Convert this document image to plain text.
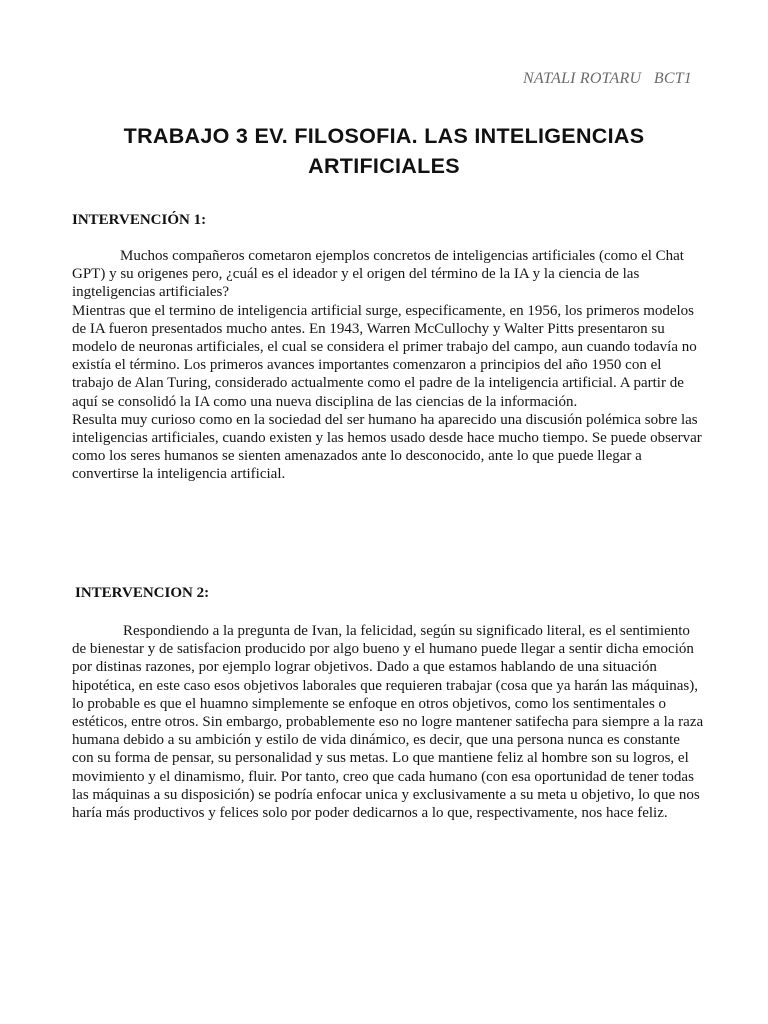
NATALI ROTARU   BCT1
TRABAJO 3 EV. FILOSOFIA. LAS INTELIGENCIAS
ARTIFICIALES
INTERVENCIÓN 1:

Muchos compañeros cometaron ejemplos concretos de inteligencias artificiales (como el Chat GPT) y su origenes pero, ¿cuál es el ideador y el origen del término de la IA y la ciencia de las ingteligencias artificiales?

Mientras que el termino de inteligencia artificial surge, especificamente, en 1956, los primeros modelos de IA fueron presentados mucho antes. En 1943, Warren McCullochy y Walter Pitts presentaron su modelo de neuronas artificiales, el cual se considera el primer trabajo del campo, aun cuando todavía no existía el término. Los primeros avances importantes comenzaron a principios del año 1950 con el trabajo de Alan Turing, considerado actualmente como el padre de la inteligencia artificial. A partir de aquí se consolidó la IA como una nueva disciplina de las ciencias de la información.

Resulta muy curioso como en la sociedad del ser humano ha aparecido una discusión polémica sobre las inteligencias artificiales, cuando existen y las hemos usado desde hace mucho tiempo. Se puede observar como los seres humanos se sienten amenazados ante lo desconocido, ante lo que puede llegar a convertirse la inteligencia artificial.

INTERVENCION 2:

Respondiendo a la pregunta de Ivan, la felicidad, según su significado literal, es el sentimiento de bienestar y de satisfacion producido por algo bueno y el humano puede llegar a sentir dicha emoción por distinas razones, por ejemplo lograr objetivos. Dado a que estamos hablando de una situación hipotética, en este caso esos objetivos laborales que requieren trabajar (cosa que ya harán las máquinas), lo probable es que el huamno simplemente se enfoque en otros objetivos, como los sentimentales o estéticos, entre otros. Sin embargo, probablemente eso no logre mantener satifecha para siempre a la raza humana debido a su ambición y estilo de vida dinámico, es decir, que una persona nunca es constante con su forma de pensar, su personalidad y sus metas. Lo que mantiene feliz al hombre son su logros, el movimiento y el dinamismo, fluir. Por tanto, creo que cada humano (con esa oportunidad de tener todas las máquinas a su disposición) se podría enfocar unica y exclusivamente a su meta u objetivo, lo que nos haría más productivos y felices solo por poder dedicarnos a lo que, respectivamente, nos hace feliz.
